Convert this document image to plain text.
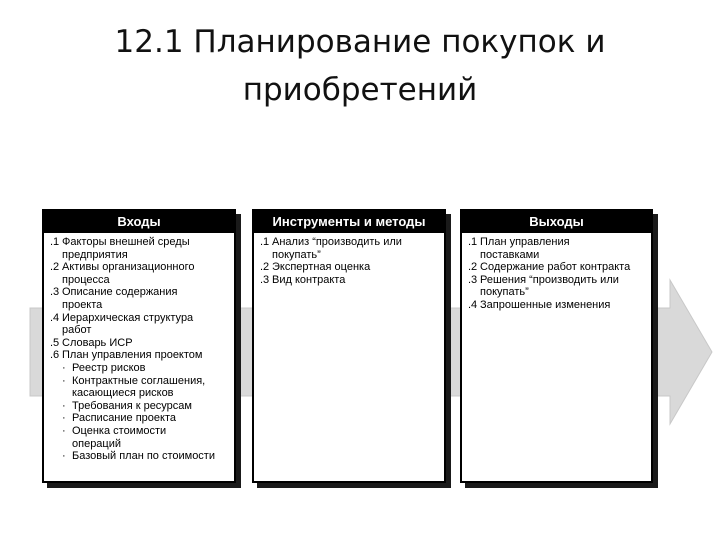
12.1 Планирование покупок и
приобретений
Входы
.1 Факторы внешней среды
предприятия
.2 Активы организационного
процесса
.3 Описание содержания
проекта
.4 Иерархическая структура
работ
.5 Словарь ИСР
.6 План управления проектом
· Реестр рисков
· Контрактные соглашения,
касающиеся рисков
· Требования к ресурсам
· Расписание проекта
· Оценка стоимости
операций
· Базовый план по стоимости
Инструменты и методы
.1 Анализ “производить или
покупать”
.2 Экспертная оценка
.3 Вид контракта
Выходы
.1 План управления
поставками
.2 Содержание работ контракта
.3 Решения “производить или
покупать”
.4 Запрошенные изменения
